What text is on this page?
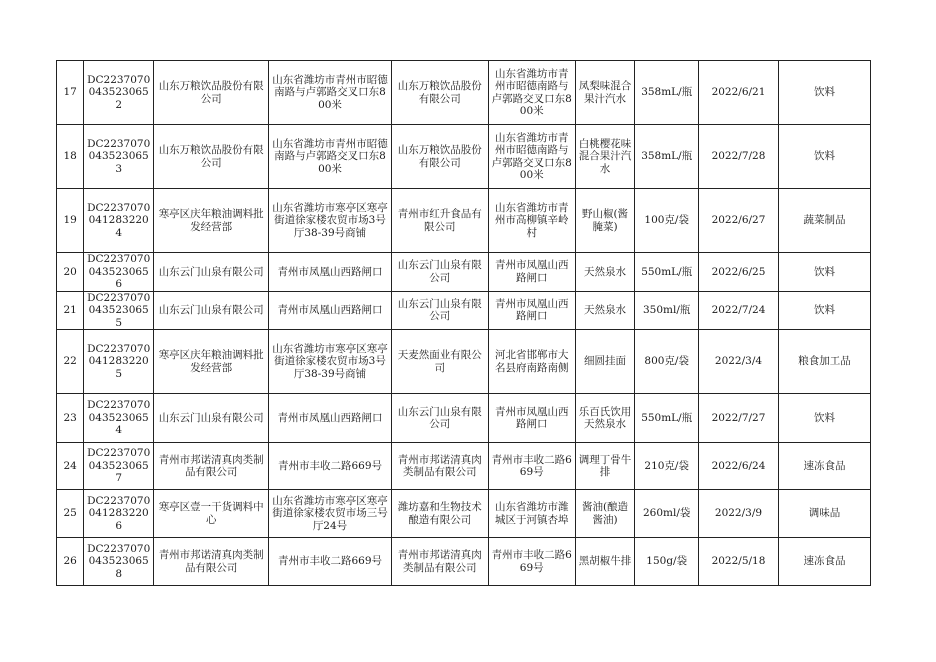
17	DC22370700435230652	山东万粮饮品股份有限公司	山东省潍坊市青州市昭德南路与卢郭路交叉口东800米	山东万粮饮品股份有限公司	山东省潍坊市青州市昭德南路与卢郭路交叉口东800米	凤梨味混合果汁汽水	358mL/瓶	2022/6/21	饮料
18	DC22370700435230653	山东万粮饮品股份有限公司	山东省潍坊市青州市昭德南路与卢郭路交叉口东800米	山东万粮饮品股份有限公司	山东省潍坊市青州市昭德南路与卢郭路交叉口东800米	白桃樱花味混合果汁汽水	358mL/瓶	2022/7/28	饮料
19	DC22370700412832204	寒亭区庆年粮油调料批发经营部	山东省潍坊市寒亭区寒亭街道徐家楼农贸市场3号厅38-39号商铺	青州市红升食品有限公司	山东省潍坊市青州市高柳镇辛岭村	野山椒(酱腌菜)	100克/袋	2022/6/27	蔬菜制品
20	DC22370700435230656	山东云门山泉有限公司	青州市凤凰山西路闸口	山东云门山泉有限公司	青州市凤凰山西路闸口	天然泉水	550mL/瓶	2022/6/25	饮料
21	DC22370700435230655	山东云门山泉有限公司	青州市凤凰山西路闸口	山东云门山泉有限公司	青州市凤凰山西路闸口	天然泉水	350ml/瓶	2022/7/24	饮料
22	DC22370700412832205	寒亭区庆年粮油调料批发经营部	山东省潍坊市寒亭区寒亭街道徐家楼农贸市场3号厅38-39号商铺	天麦然面业有限公司	河北省邯郸市大名县府南路南侧	细圆挂面	800克/袋	2022/3/4	粮食加工品
23	DC22370700435230654	山东云门山泉有限公司	青州市凤凰山西路闸口	山东云门山泉有限公司	青州市凤凰山西路闸口	乐百氏饮用天然泉水	550mL/瓶	2022/7/27	饮料
24	DC22370700435230657	青州市邦诺清真肉类制品有限公司	青州市丰收二路669号	青州市邦诺清真肉类制品有限公司	青州市丰收二路669号	调理丁骨牛排	210克/袋	2022/6/24	速冻食品
25	DC22370700412832206	寒亭区壹一干货调料中心	山东省潍坊市寒亭区寒亭街道徐家楼农贸市场三号厅24号	潍坊嘉和生物技术酿造有限公司	山东省潍坊市潍城区于河镇杏埠	酱油(酿造酱油)	260ml/袋	2022/3/9	调味品
26	DC22370700435230658	青州市邦诺清真肉类制品有限公司	青州市丰收二路669号	青州市邦诺清真肉类制品有限公司	青州市丰收二路669号	黑胡椒牛排	150g/袋	2022/5/18	速冻食品
